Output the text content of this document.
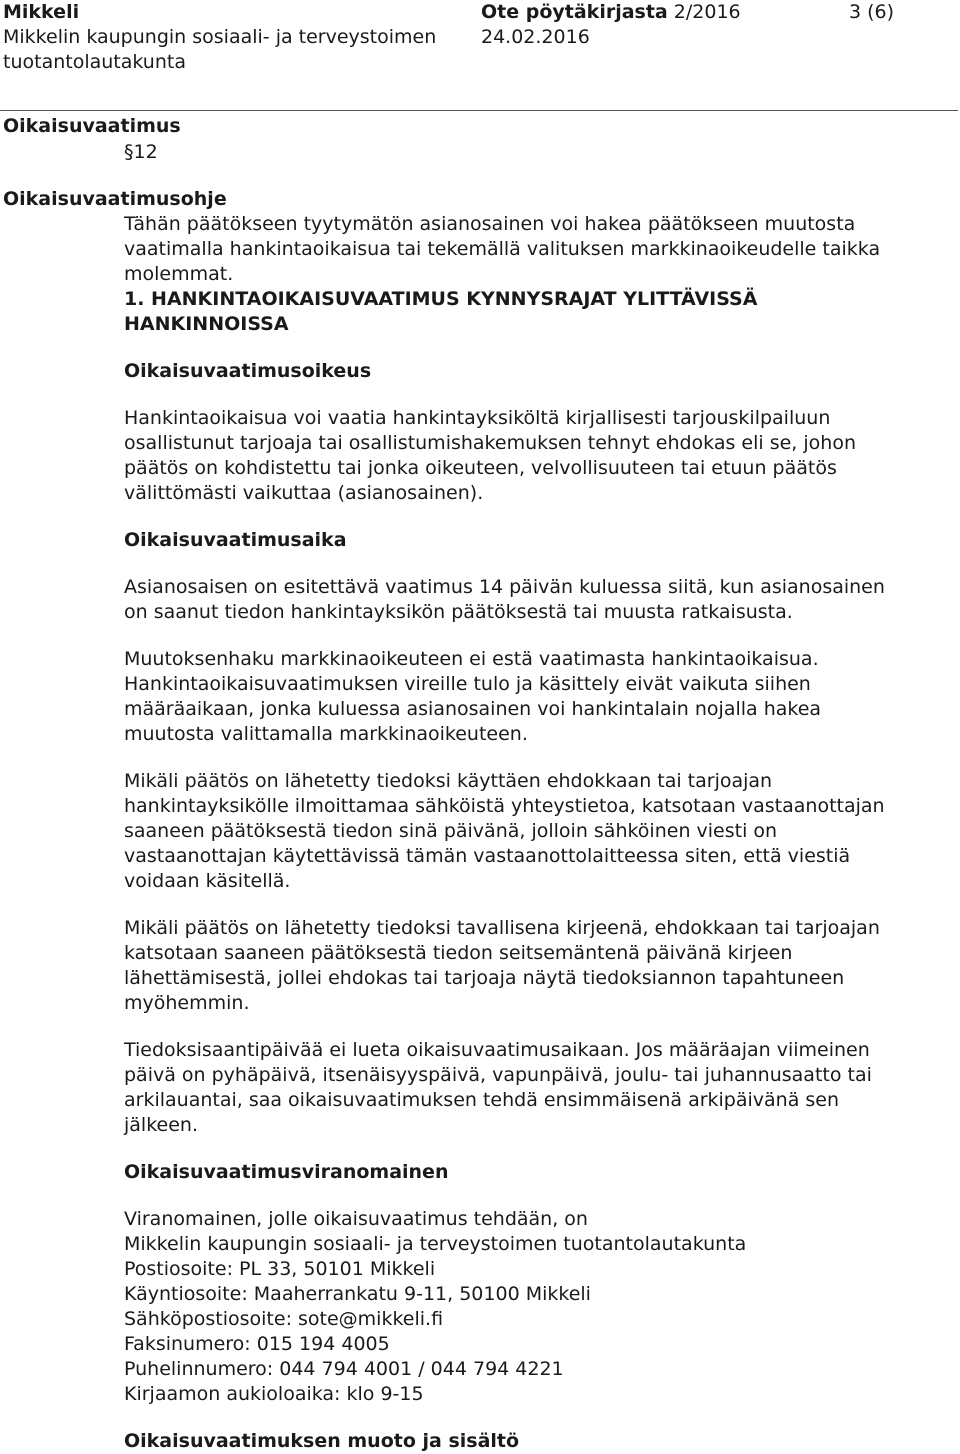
Mikkeli
Mikkelin kaupungin sosiaali- ja terveystoimen
tuotantolautakunta
Ote pöytäkirjasta 2/2016
24.02.2016
3 (6)
Oikaisuvaatimus
§12
Oikaisuvaatimusohje
Tähän päätökseen tyytymätön asianosainen voi hakea päätökseen muutosta vaatimalla hankintaoikaisua tai tekemällä valituksen markkinaoikeudelle taikka molemmat.
1. HANKINTAOIKAISUVAATIMUS KYNNYSRAJAT YLITTÄVISSÄ HANKINNOISSA
Oikaisuvaatimusoikeus
Hankintaoikaisua voi vaatia hankintayksiköltä kirjallisesti tarjouskilpailuun osallistunut tarjoaja tai osallistumishakemuksen tehnyt ehdokas eli se, johon päätös on kohdistettu tai jonka oikeuteen, velvollisuuteen tai etuun päätös välittömästi vaikuttaa (asianosainen).
Oikaisuvaatimusaika
Asianosaisen on esitettävä vaatimus 14 päivän kuluessa siitä, kun asianosainen on saanut tiedon hankintayksikön päätöksestä tai muusta ratkaisusta.
Muutoksenhaku markkinaoikeuteen ei estä vaatimasta hankintaoikaisua. Hankintaoikaisuvaatimuksen vireille tulo ja käsittely eivät vaikuta siihen määräaikaan, jonka kuluessa asianosainen voi hankintalain nojalla hakea muutosta valittamalla markkinaoikeuteen.
Mikäli päätös on lähetetty tiedoksi käyttäen ehdokkaan tai tarjoajan hankintayksikölle ilmoittamaa sähköistä yhteystietoa, katsotaan vastaanottajan saaneen päätöksestä tiedon sinä päivänä, jolloin sähköinen viesti on vastaanottajan käytettävissä tämän vastaanottolaitteessa siten, että viestiä voidaan käsitellä.
Mikäli päätös on lähetetty tiedoksi tavallisena kirjeenä, ehdokkaan tai tarjoajan katsotaan saaneen päätöksestä tiedon seitsemäntenä päivänä kirjeen lähettämisestä, jollei ehdokas tai tarjoaja näytä tiedoksiannon tapahtuneen myöhemmin.
Tiedoksisaantipäivää ei lueta oikaisuvaatimusaikaan. Jos määräajan viimeinen päivä on pyhäpäivä, itsenäisyyspäivä, vapunpäivä, joulu- tai juhannusaatto tai arkilauantai, saa oikaisuvaatimuksen tehdä ensimmäisenä arkipäivänä sen jälkeen.
Oikaisuvaatimusviranomainen
Viranomainen, jolle oikaisuvaatimus tehdään, on
Mikkelin kaupungin sosiaali- ja terveystoimen tuotantolautakunta
Postiosoite: PL 33, 50101 Mikkeli
Käyntiosoite: Maaherrankatu 9-11, 50100 Mikkeli
Sähköpostiosoite: sote@mikkeli.fi
Faksinumero: 015 194 4005
Puhelinnumero: 044 794 4001 / 044 794 4221
Kirjaamon aukioloaika: klo 9-15
Oikaisuvaatimuksen muoto ja sisältö
